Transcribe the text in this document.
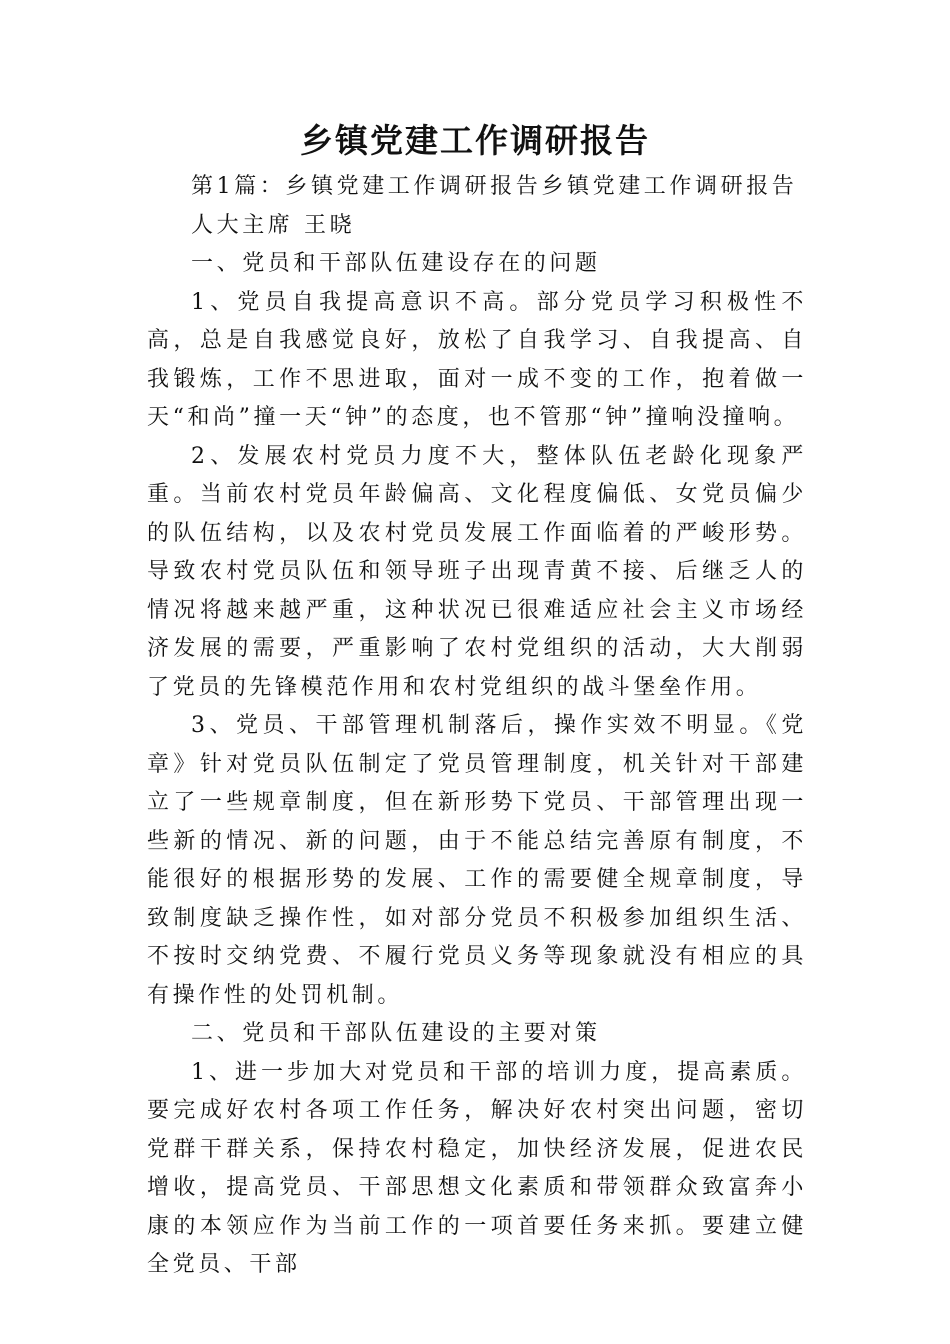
乡镇党建工作调研报告

第1篇：乡镇党建工作调研报告乡镇党建工作调研报告

人大主席 王晓

一、党员和干部队伍建设存在的问题

1、党员自我提高意识不高。部分党员学习积极性不高，总是自我感觉良好，放松了自我学习、自我提高、自我锻炼，工作不思进取，面对一成不变的工作，抱着做一天“和尚”撞一天“钟”的态度，也不管那“钟”撞响没撞响。

2、发展农村党员力度不大，整体队伍老龄化现象严重。当前农村党员年龄偏高、文化程度偏低、女党员偏少的队伍结构，以及农村党员发展工作面临着的严峻形势。导致农村党员队伍和领导班子出现青黄不接、后继乏人的情况将越来越严重，这种状况已很难适应社会主义市场经济发展的需要，严重影响了农村党组织的活动，大大削弱了党员的先锋模范作用和农村党组织的战斗堡垒作用。

3、党员、干部管理机制落后，操作实效不明显。《党章》针对党员队伍制定了党员管理制度，机关针对干部建立了一些规章制度，但在新形势下党员、干部管理出现一些新的情况、新的问题，由于不能总结完善原有制度，不能很好的根据形势的发展、工作的需要健全规章制度，导致制度缺乏操作性，如对部分党员不积极参加组织生活、不按时交纳党费、不履行党员义务等现象就没有相应的具有操作性的处罚机制。

二、党员和干部队伍建设的主要对策

1、进一步加大对党员和干部的培训力度，提高素质。要完成好农村各项工作任务，解决好农村突出问题，密切党群干群关系，保持农村稳定，加快经济发展，促进农民增收，提高党员、干部思想文化素质和带领群众致富奔小康的本领应作为当前工作的一项首要任务来抓。要建立健全党员、干部
